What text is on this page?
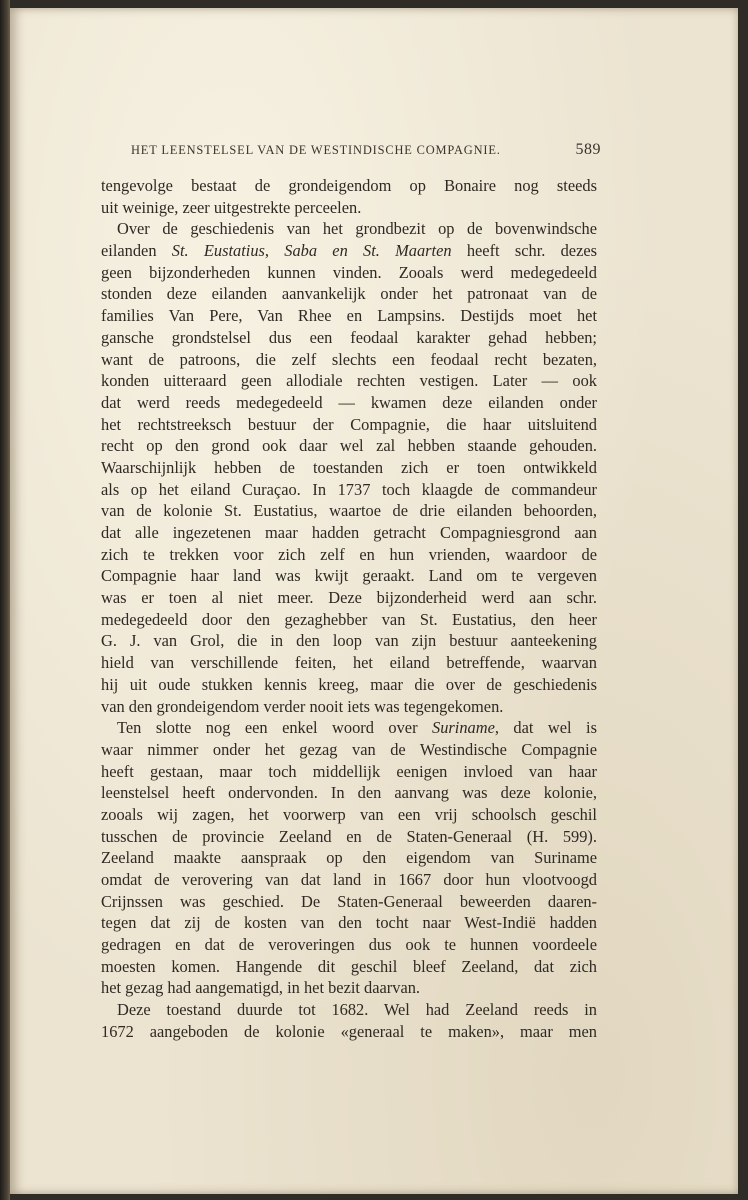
HET LEENSTELSEL VAN DE WESTINDISCHE COMPAGNIE.	589
tengevolge bestaat de grondeigendom op Bonaire nog steeds
uit weinige, zeer uitgestrekte perceelen.
Over de geschiedenis van het grondbezit op de bovenwindsche
eilanden St. Eustatius, Saba en St. Maarten heeft schr. dezes
geen bijzonderheden kunnen vinden. Zooals werd medegedeeld
stonden deze eilanden aanvankelijk onder het patronaat van de
families Van Pere, Van Rhee en Lampsins. Destijds moet het
gansche grondstelsel dus een feodaal karakter gehad hebben;
want de patroons, die zelf slechts een feodaal recht bezaten,
konden uitteraard geen allodiale rechten vestigen. Later — ook
dat werd reeds medegedeeld — kwamen deze eilanden onder
het rechtstreeksch bestuur der Compagnie, die haar uitsluitend
recht op den grond ook daar wel zal hebben staande gehouden.
Waarschijnlijk hebben de toestanden zich er toen ontwikkeld
als op het eiland Curaçao. In 1737 toch klaagde de commandeur
van de kolonie St. Eustatius, waartoe de drie eilanden behoorden,
dat alle ingezetenen maar hadden getracht Compagniesgrond aan
zich te trekken voor zich zelf en hun vrienden, waardoor de
Compagnie haar land was kwijt geraakt. Land om te vergeven
was er toen al niet meer. Deze bijzonderheid werd aan schr.
medegedeeld door den gezaghebber van St. Eustatius, den heer
G. J. van Grol, die in den loop van zijn bestuur aanteekening
hield van verschillende feiten, het eiland betreffende, waarvan
hij uit oude stukken kennis kreeg, maar die over de geschiedenis
van den grondeigendom verder nooit iets was tegengekomen.
Ten slotte nog een enkel woord over Suriname, dat wel is
waar nimmer onder het gezag van de Westindische Compagnie
heeft gestaan, maar toch middellijk eenigen invloed van haar
leenstelsel heeft ondervonden. In den aanvang was deze kolonie,
zooals wij zagen, het voorwerp van een vrij schoolsch geschil
tusschen de provincie Zeeland en de Staten-Generaal (H. 599).
Zeeland maakte aanspraak op den eigendom van Suriname
omdat de verovering van dat land in 1667 door hun vlootvoogd
Crijnssen was geschied. De Staten-Generaal beweerden daaren-
tegen dat zij de kosten van den tocht naar West-Indië hadden
gedragen en dat de veroveringen dus ook te hunnen voordeele
moesten komen. Hangende dit geschil bleef Zeeland, dat zich
het gezag had aangematigd, in het bezit daarvan.
Deze toestand duurde tot 1682. Wel had Zeeland reeds in
1672 aangeboden de kolonie «generaal te maken», maar men
